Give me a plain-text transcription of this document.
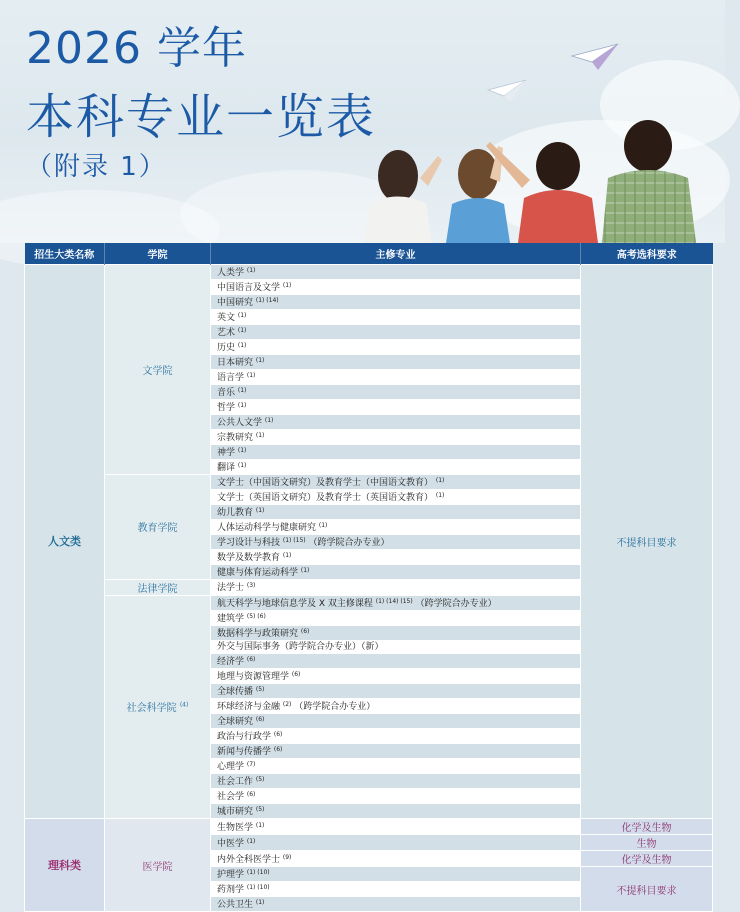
2026 学年
本科专业一览表
（附录 1）
招生大类名称	学院	主修专业	高考选科要求
人文类	文学院	人类学 $^{(1)}$	不提科目要求
		中国语言及文学 $^{(1)}$
		中国研究 $^{(1) (14)}$
		英文 $^{(1)}$
		艺术 $^{(1)}$
		历史 $^{(1)}$
		日本研究 $^{(1)}$
		语言学 $^{(1)}$
		音乐 $^{(1)}$
		哲学 $^{(1)}$
		公共人文学 $^{(1)}$
		宗教研究 $^{(1)}$
		神学 $^{(1)}$
		翻译 $^{(1)}$
	教育学院	文学士（中国语文研究）及教育学士（中国语文教育） $^{(1)}$
		文学士（英国语文研究）及教育学士（英国语文教育） $^{(1)}$
		幼儿教育 $^{(1)}$
		人体运动科学与健康研究 $^{(1)}$
		学习设计与科技 $^{(1) (15)}$ （跨学院合办专业）	
		数学及数学教育 $^{(1)}$
		健康与体育运动科学 $^{(1)}$
	法律学院	法学士 $^{(3)}$
	社会科学院 $^{(4)}$	航天科学与地球信息学及 X 双主修课程 $^{(1) (14) (15)}$ （跨学院合办专业）	
		建筑学 $^{(5) (6)}$
		数据科学与政策研究 $^{(6)}$
		外交与国际事务（跨学院合办专业）（新）	
		经济学 $^{(6)}$
		地理与资源管理学 $^{(6)}$
		全球传播 $^{(5)}$
		环球经济与金融 $^{(2)}$ （跨学院合办专业）	
		全球研究 $^{(6)}$
		政治与行政学 $^{(6)}$
		新闻与传播学 $^{(6)}$
		心理学 $^{(7)}$
		社会工作 $^{(5)}$
		社会学 $^{(6)}$
		城市研究 $^{(5)}$
理科类	医学院	生物医学 $^{(1)}$	化学及生物
		中医学 $^{(1)}$	生物
		内外全科医学士 $^{(9)}$	化学及生物
		护理学 $^{(1) (10)}$	不提科目要求
		药剂学 $^{(1) (10)}$
		公共卫生 $^{(1)}$
